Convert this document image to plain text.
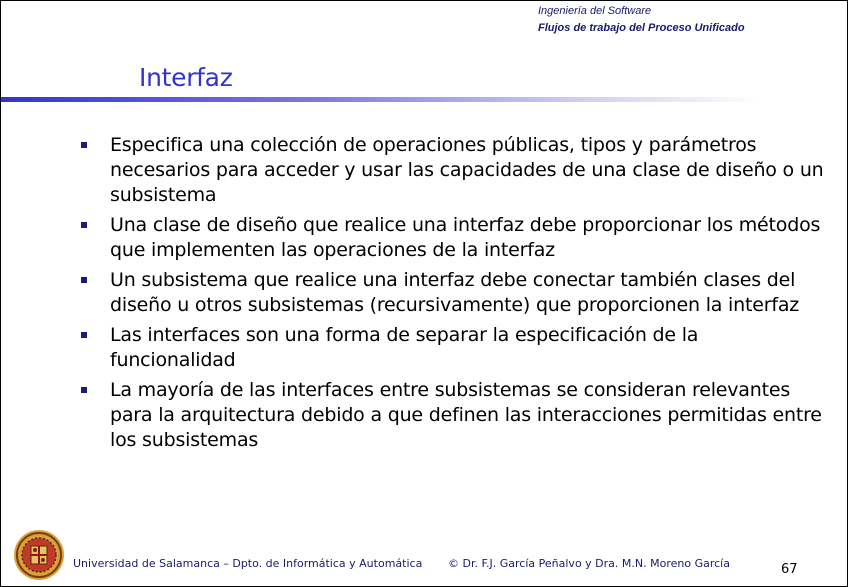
Ingeniería del Software
Flujos de trabajo del Proceso Unificado
Interfaz
Especifica una colección de operaciones públicas, tipos y parámetros necesarios para acceder y usar las capacidades de una clase de diseño o un subsistema
Una clase de diseño que realice una interfaz debe proporcionar los métodos que implementen las operaciones de la interfaz
Un subsistema que realice una interfaz debe conectar también clases del diseño u otros subsistemas (recursivamente) que proporcionen la interfaz
Las interfaces son una forma de separar la especificación de la funcionalidad
La mayoría de las interfaces entre subsistemas se consideran relevantes para la arquitectura debido a que definen las interacciones permitidas entre los subsistemas
Universidad de Salamanca – Dpto. de Informática y Automática © Dr. F.J. García Peñalvo y Dra. M.N. Moreno García	67
